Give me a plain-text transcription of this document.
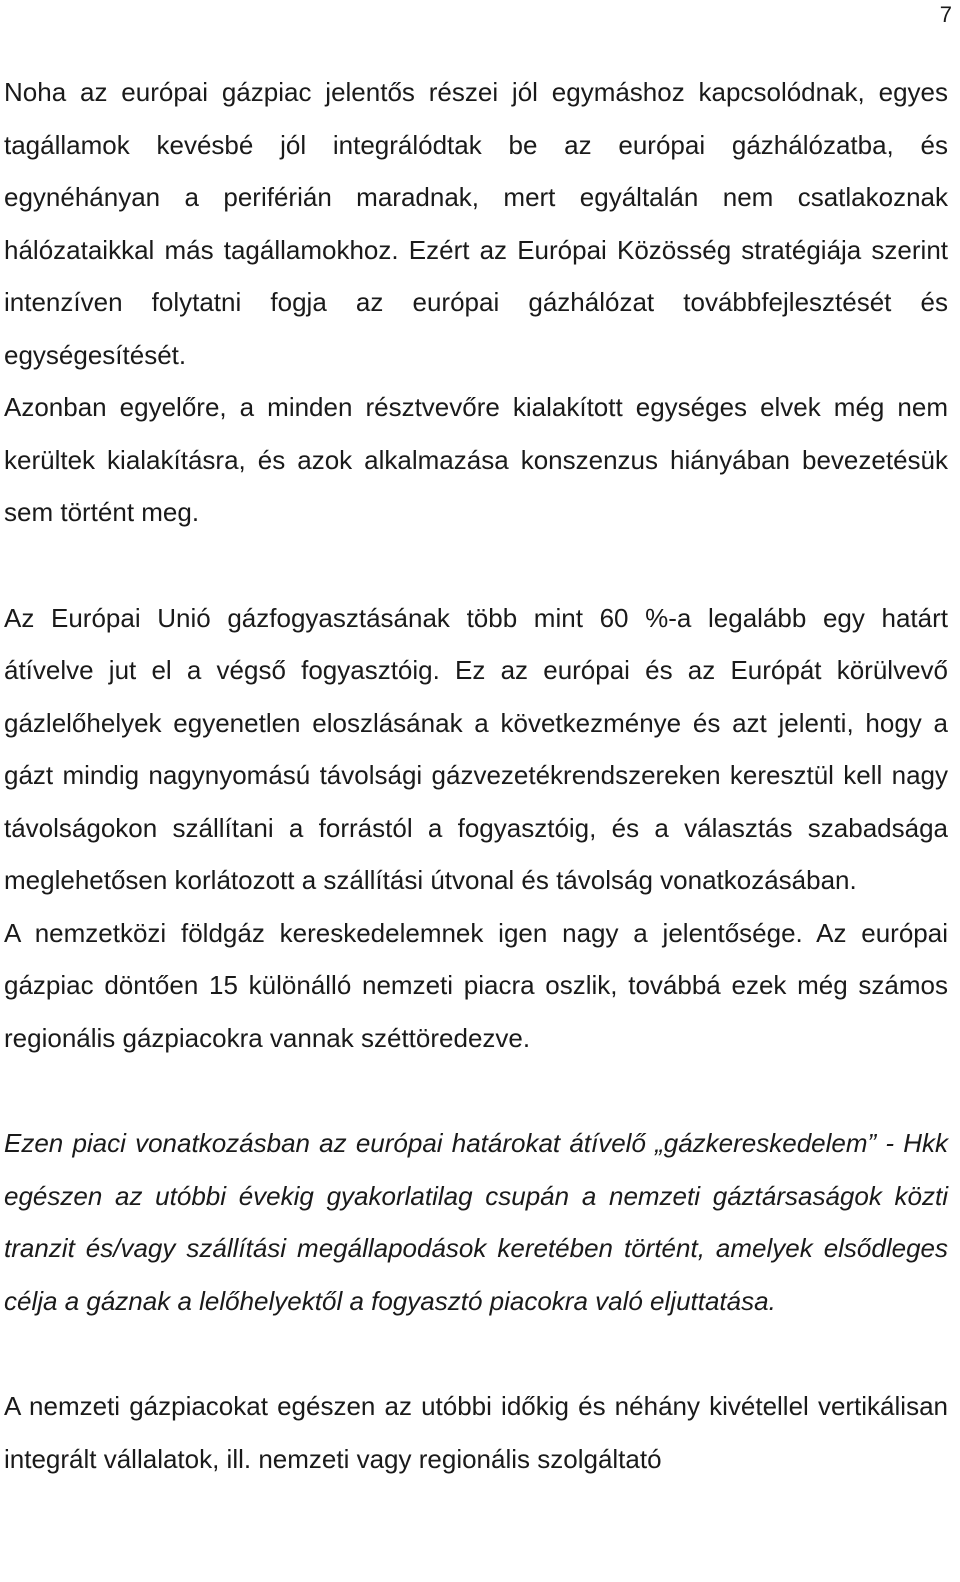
7

Noha az európai gázpiac jelentős részei jól egymáshoz kapcsolódnak, egyes tagállamok kevésbé jól integrálódtak be az európai gázhálózatba, és egynéhányan a periférián maradnak, mert egyáltalán nem csatlakoznak hálózataikkal más tagállamokhoz. Ezért az Európai Közösség stratégiája szerint intenzíven folytatni fogja az európai gázhálózat továbbfejlesztését és egységesítését.

Azonban egyelőre, a minden résztvevőre kialakított egységes elvek még nem kerültek kialakításra, és azok alkalmazása konszenzus hiányában bevezetésük sem történt meg.

Az Európai Unió gázfogyasztásának több mint 60 %-a legalább egy határt átívelve jut el a végső fogyasztóig. Ez az európai és az Európát körülvevő gázlelőhelyek egyenetlen eloszlásának a következménye és azt jelenti, hogy a gázt mindig nagynyomású távolsági gázvezetékrendszereken keresztül kell nagy távolságokon szállítani a forrástól a fogyasztóig, és a választás szabadsága meglehetősen korlátozott a szállítási útvonal és távolság vonatkozásában.

A nemzetközi földgáz kereskedelemnek igen nagy a jelentősége. Az európai gázpiac döntően 15 különálló nemzeti piacra oszlik, továbbá ezek még számos regionális gázpiacokra vannak széttöredezve.

Ezen piaci vonatkozásban az európai határokat átívelő „gázkereskedelem” - Hkk egészen az utóbbi évekig gyakorlatilag csupán a nemzeti gáztársaságok közti tranzit és/vagy szállítási megállapodások keretében történt, amelyek elsődleges célja a gáznak a lelőhelyektől a fogyasztó piacokra való eljuttatása.

A nemzeti gázpiacokat egészen az utóbbi időkig és néhány kivétellel vertikálisan integrált vállalatok, ill. nemzeti vagy regionális szolgáltató
